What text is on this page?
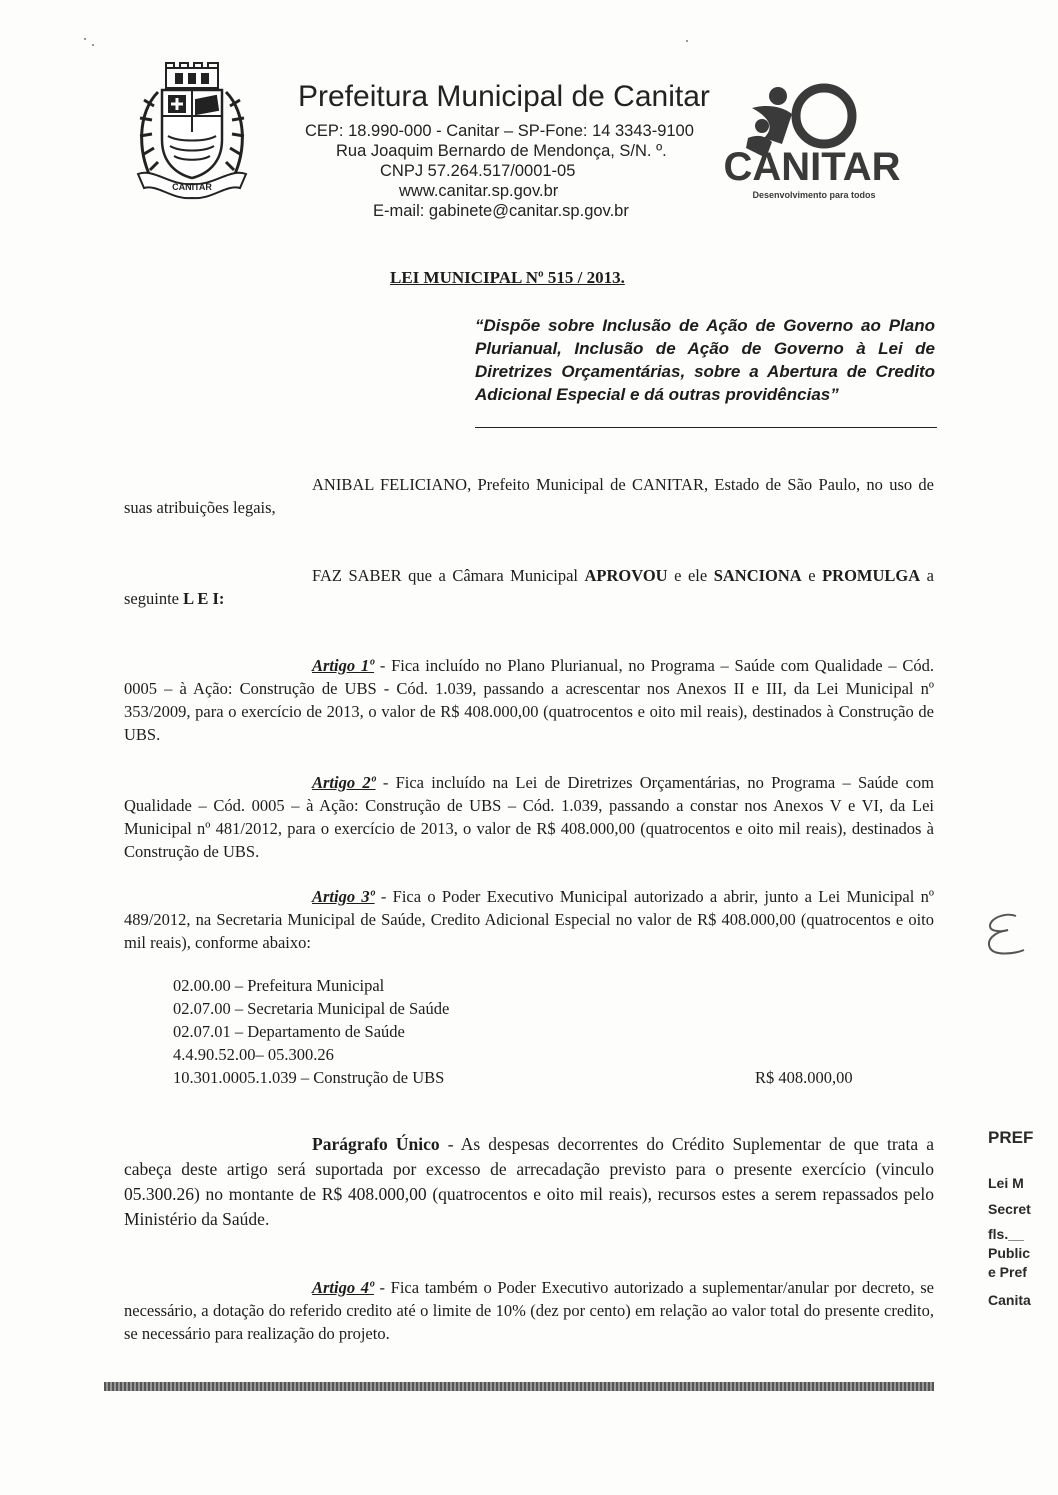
CANITAR
Prefeitura Municipal de Canitar
CEP: 18.990-000 - Canitar – SP-Fone: 14 3343-9100
Rua Joaquim Bernardo de Mendonça, S/N. º.
CNPJ 57.264.517/0001-05
www.canitar.sp.gov.br
E-mail: gabinete@canitar.sp.gov.br
CANITAR
Desenvolvimento para todos
LEI MUNICIPAL Nº 515 / 2013.
“Dispõe sobre Inclusão de Ação de Governo ao Plano Plurianual, Inclusão de Ação de Governo à Lei de Diretrizes Orçamentárias, sobre a Abertura de Credito Adicional Especial e dá outras providências”
ANIBAL FELICIANO, Prefeito Municipal de CANITAR, Estado de São Paulo, no uso de suas atribuições legais,
FAZ SABER que a Câmara Municipal APROVOU e ele SANCIONA e PROMULGA a seguinte L E I:
Artigo 1º - Fica incluído no Plano Plurianual, no Programa – Saúde com Qualidade – Cód. 0005 – à Ação: Construção de UBS - Cód. 1.039, passando a acrescentar nos Anexos II e III, da Lei Municipal nº 353/2009, para o exercício de 2013, o valor de R$ 408.000,00 (quatrocentos e oito mil reais), destinados à Construção de UBS.
Artigo 2º - Fica incluído na Lei de Diretrizes Orçamentárias, no Programa – Saúde com Qualidade – Cód. 0005 – à Ação: Construção de UBS – Cód. 1.039, passando a constar nos Anexos V e VI, da Lei Municipal nº 481/2012, para o exercício de 2013, o valor de R$ 408.000,00 (quatrocentos e oito mil reais), destinados à Construção de UBS.
Artigo 3º - Fica o Poder Executivo Municipal autorizado a abrir, junto a Lei Municipal nº 489/2012, na Secretaria Municipal de Saúde, Credito Adicional Especial no valor de R$ 408.000,00 (quatrocentos e oito mil reais), conforme abaixo:
02.00.00 – Prefeitura Municipal
02.07.00 – Secretaria Municipal de Saúde
02.07.01 – Departamento de Saúde
4.4.90.52.00– 05.300.26
10.301.0005.1.039 – Construção de UBS	R$ 408.000,00
Parágrafo Único - As despesas decorrentes do Crédito Suplementar de que trata a cabeça deste artigo será suportada por excesso de arrecadação previsto para o presente exercício (vinculo 05.300.26) no montante de R$ 408.000,00 (quatrocentos e oito mil reais), recursos estes a serem repassados pelo Ministério da Saúde.
Artigo 4º - Fica também o Poder Executivo autorizado a suplementar/anular por decreto, se necessário, a dotação do referido credito até o limite de 10% (dez por cento) em relação ao valor total do presente credito, se necessário para realização do projeto.
PREF
Lei M
Secret
fls.__
Public
e Pref
Canita
